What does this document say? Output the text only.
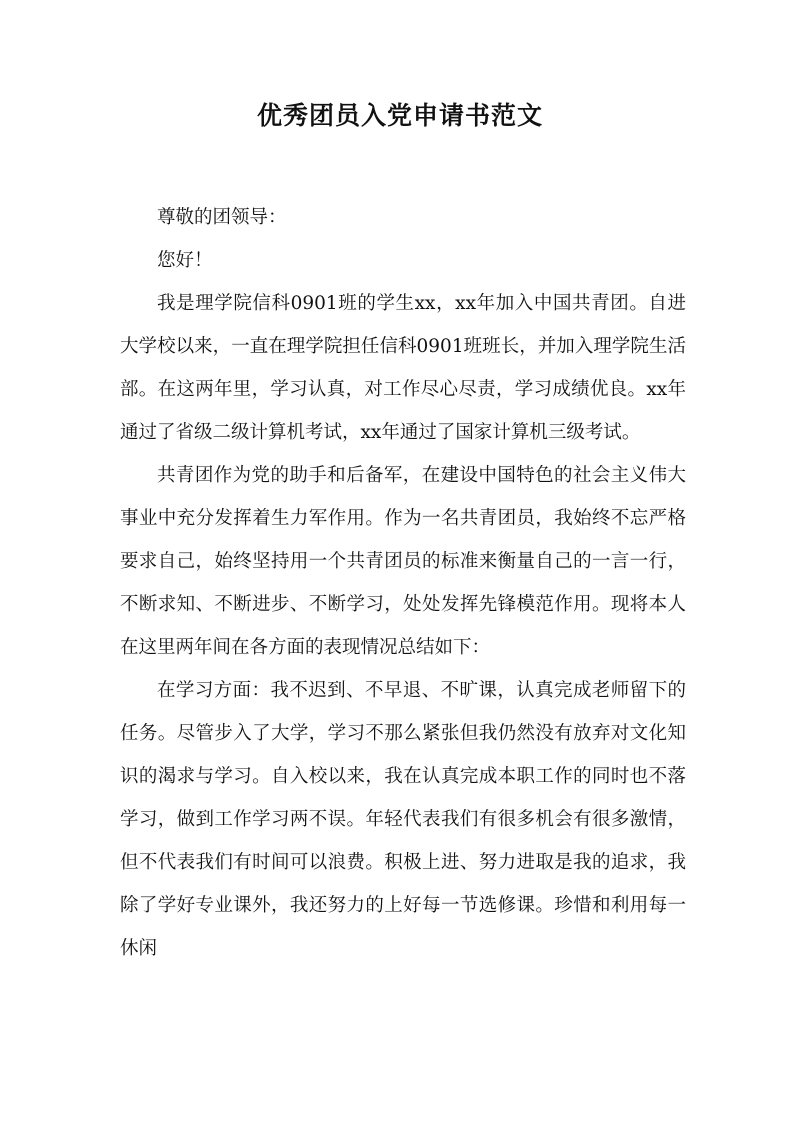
优秀团员入党申请书范文

尊敬的团领导：

您好！

我是理学院信科0901班的学生xx，xx年加入中国共青团。自进大学校以来，一直在理学院担任信科0901班班长，并加入理学院生活部。在这两年里，学习认真，对工作尽心尽责，学习成绩优良。xx年通过了省级二级计算机考试，xx年通过了国家计算机三级考试。

共青团作为党的助手和后备军，在建设中国特色的社会主义伟大事业中充分发挥着生力军作用。作为一名共青团员，我始终不忘严格要求自己，始终坚持用一个共青团员的标准来衡量自己的一言一行，不断求知、不断进步、不断学习，处处发挥先锋模范作用。现将本人在这里两年间在各方面的表现情况总结如下：

在学习方面：我不迟到、不早退、不旷课，认真完成老师留下的任务。尽管步入了大学，学习不那么紧张但我仍然没有放弃对文化知识的渴求与学习。自入校以来，我在认真完成本职工作的同时也不落学习，做到工作学习两不误。年轻代表我们有很多机会有很多激情，但不代表我们有时间可以浪费。积极上进、努力进取是我的追求，我除了学好专业课外，我还努力的上好每一节选修课。珍惜和利用每一休闲
